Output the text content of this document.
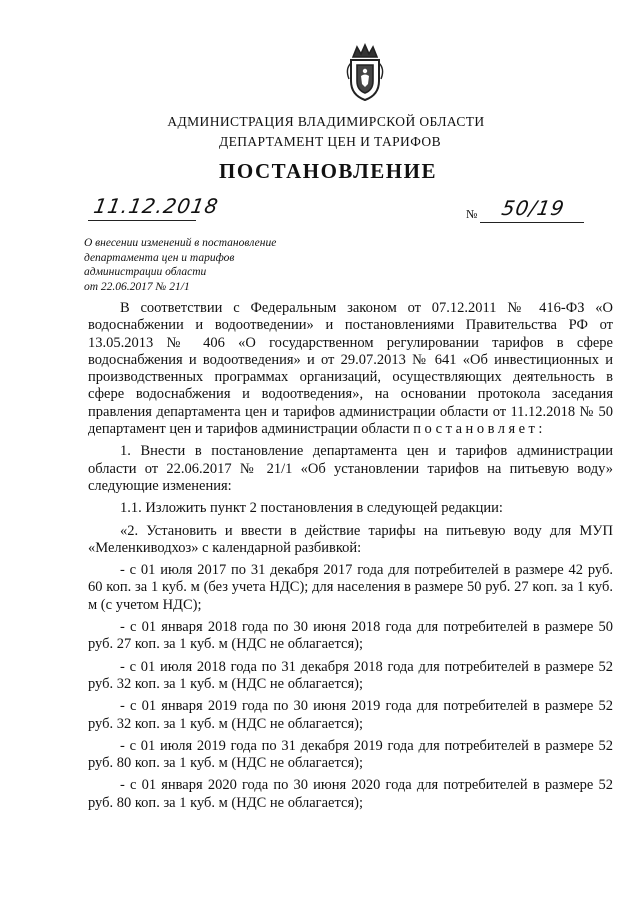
АДМИНИСТРАЦИЯ ВЛАДИМИРСКОЙ ОБЛАСТИ
ДЕПАРТАМЕНТ ЦЕН И ТАРИФОВ
ПОСТАНОВЛЕНИЕ
11.12.2018	№ 50/19
О внесении изменений в постановление
департамента цен и тарифов
администрации области
от 22.06.2017 № 21/1

В соответствии с Федеральным законом от 07.12.2011 № 416-ФЗ «О водоснабжении и водоотведении» и постановлениями Правительства РФ от 13.05.2013 № 406 «О государственном регулировании тарифов в сфере водоснабжения и водоотведения» и от 29.07.2013 № 641 «Об инвестиционных и производственных программах организаций, осуществляющих деятельность в сфере водоснабжения и водоотведения», на основании протокола заседания правления департамента цен и тарифов администрации области от 11.12.2018 № 50 департамент цен и тарифов администрации области постановляет:

1. Внести в постановление департамента цен и тарифов администрации области от 22.06.2017 № 21/1 «Об установлении тарифов на питьевую воду» следующие изменения:

1.1. Изложить пункт 2 постановления в следующей редакции:

«2. Установить и ввести в действие тарифы на питьевую воду для МУП «Меленкиводхоз» с календарной разбивкой:

- с 01 июля 2017 по 31 декабря 2017 года для потребителей в размере 42 руб. 60 коп. за 1 куб. м (без учета НДС); для населения в размере 50 руб. 27 коп. за 1 куб. м (с учетом НДС);

- с 01 января 2018 года по 30 июня 2018 года для потребителей в размере 50 руб. 27 коп. за 1 куб. м (НДС не облагается);

- с 01 июля 2018 года по 31 декабря 2018 года для потребителей в размере 52 руб. 32 коп. за 1 куб. м (НДС не облагается);

- с 01 января 2019 года по 30 июня 2019 года для потребителей в размере 52 руб. 32 коп. за 1 куб. м (НДС не облагается);

- с 01 июля 2019 года по 31 декабря 2019 года для потребителей в размере 52 руб. 80 коп. за 1 куб. м (НДС не облагается);

- с 01 января 2020 года по 30 июня 2020 года для потребителей в размере 52 руб. 80 коп. за 1 куб. м (НДС не облагается);
